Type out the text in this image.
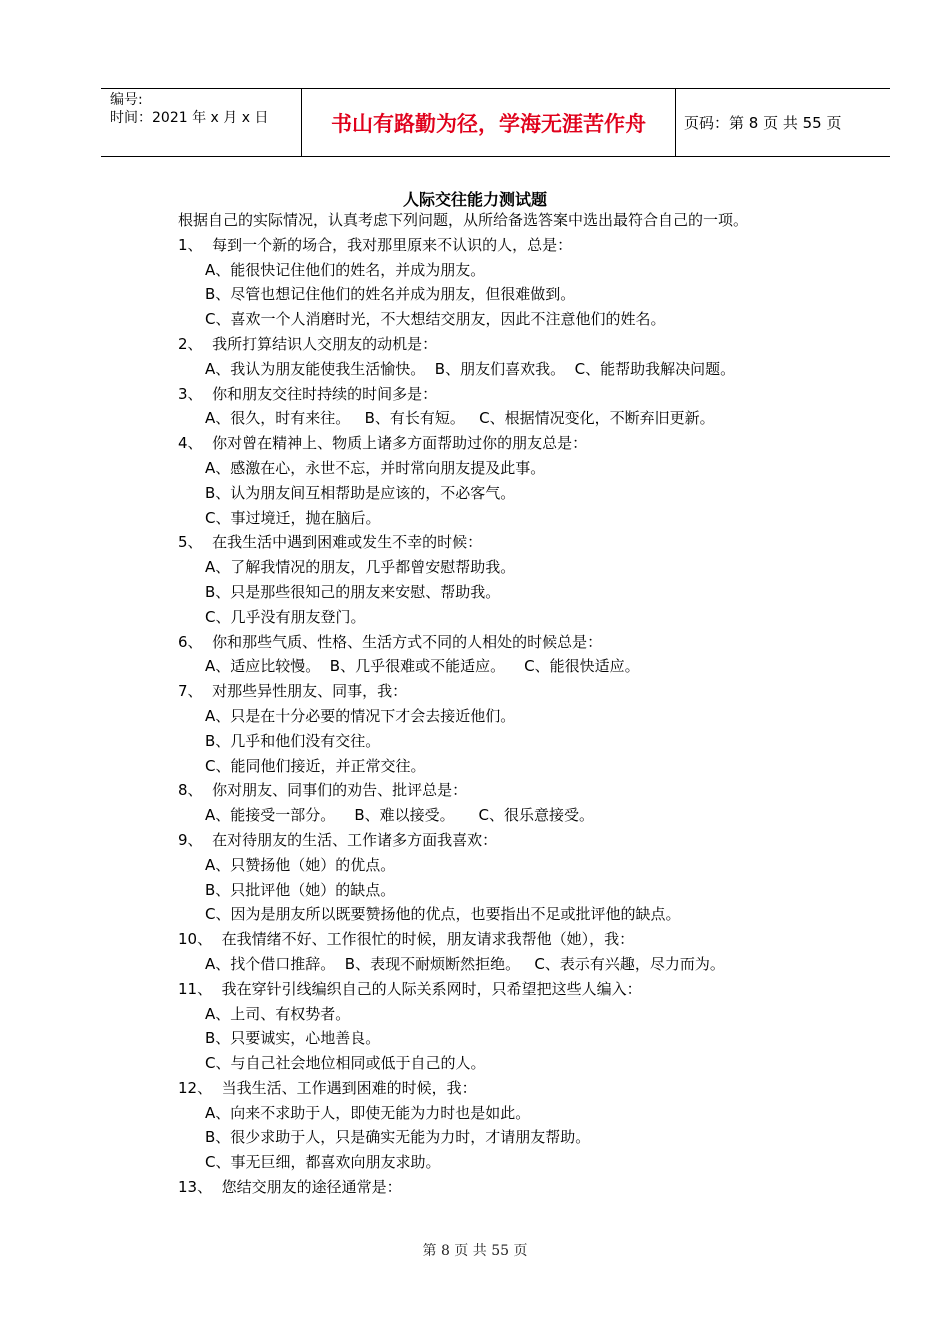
编号:
时间：2021 年 x 月 x 日	书山有路勤为径，学海无涯苦作舟	页码：第 8 页 共 55 页
人际交往能力测试题
根据自己的实际情况，认真考虑下列问题，从所给备选答案中选出最符合自己的一项。
1、  每到一个新的场合，我对那里原来不认识的人，总是：
A、能很快记住他们的姓名，并成为朋友。
B、尽管也想记住他们的姓名并成为朋友，但很难做到。
C、喜欢一个人消磨时光，不大想结交朋友，因此不注意他们的姓名。
2、  我所打算结识人交朋友的动机是：
A、我认为朋友能使我生活愉快。  B、朋友们喜欢我。  C、能帮助我解决问题。
3、  你和朋友交往时持续的时间多是：
A、很久，时有来往。   B、有长有短。   C、根据情况变化，不断弃旧更新。
4、  你对曾在精神上、物质上诸多方面帮助过你的朋友总是：
A、感激在心，永世不忘，并时常向朋友提及此事。
B、认为朋友间互相帮助是应该的，不必客气。
C、事过境迁，抛在脑后。
5、  在我生活中遇到困难或发生不幸的时候：
A、了解我情况的朋友，几乎都曾安慰帮助我。
B、只是那些很知己的朋友来安慰、帮助我。
C、几乎没有朋友登门。
6、  你和那些气质、性格、生活方式不同的人相处的时候总是：
A、适应比较慢。  B、几乎很难或不能适应。    C、能很快适应。
7、  对那些异性朋友、同事，我：
A、只是在十分必要的情况下才会去接近他们。
B、几乎和他们没有交往。
C、能同他们接近，并正常交往。
8、  你对朋友、同事们的劝告、批评总是：
A、能接受一部分。    B、难以接受。     C、很乐意接受。
9、  在对待朋友的生活、工作诸多方面我喜欢：
A、只赞扬他（她）的优点。
B、只批评他（她）的缺点。
C、因为是朋友所以既要赞扬他的优点，也要指出不足或批评他的缺点。
10、  在我情绪不好、工作很忙的时候，朋友请求我帮他（她），我：
A、找个借口推辞。  B、表现不耐烦断然拒绝。   C、表示有兴趣，尽力而为。
11、  我在穿针引线编织自己的人际关系网时，只希望把这些人编入：
A、上司、有权势者。
B、只要诚实，心地善良。
C、与自己社会地位相同或低于自己的人。
12、  当我生活、工作遇到困难的时候，我：
A、向来不求助于人，即使无能为力时也是如此。
B、很少求助于人，只是确实无能为力时，才请朋友帮助。
C、事无巨细，都喜欢向朋友求助。
13、  您结交朋友的途径通常是：
第 8 页 共 55 页
